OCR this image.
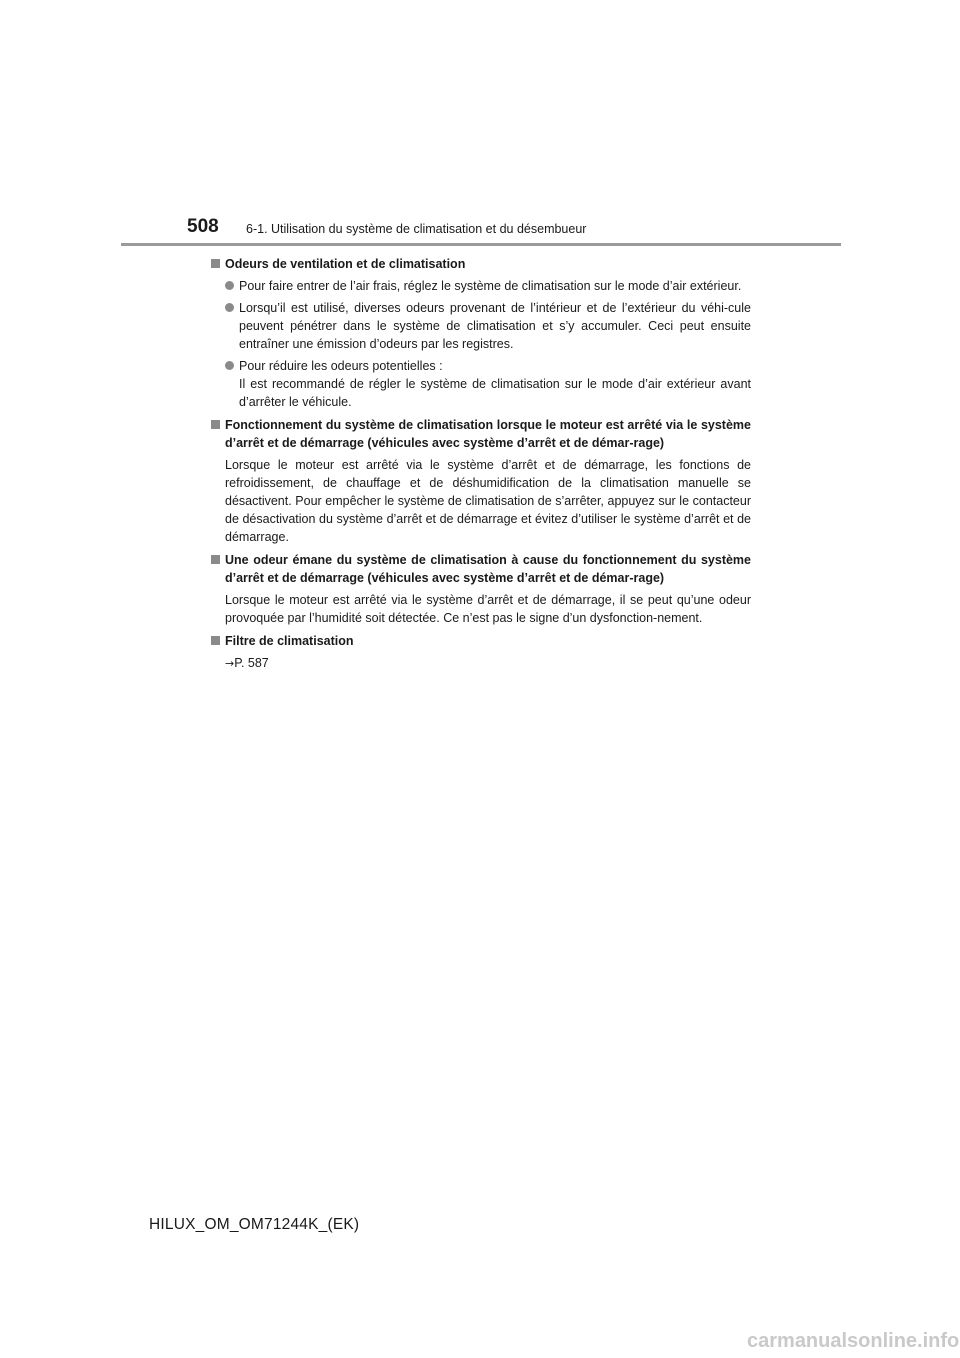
508 6-1. Utilisation du système de climatisation et du désembueur
Odeurs de ventilation et de climatisation
Pour faire entrer de l’air frais, réglez le système de climatisation sur le mode d’air extérieur.
Lorsqu’il est utilisé, diverses odeurs provenant de l’intérieur et de l’extérieur du véhi-cule peuvent pénétrer dans le système de climatisation et s’y accumuler. Ceci peut ensuite entraîner une émission d’odeurs par les registres.
Pour réduire les odeurs potentielles :
Il est recommandé de régler le système de climatisation sur le mode d’air extérieur avant d’arrêter le véhicule.
Fonctionnement du système de climatisation lorsque le moteur est arrêté via le système d’arrêt et de démarrage (véhicules avec système d’arrêt et de démar-rage)
Lorsque le moteur est arrêté via le système d’arrêt et de démarrage, les fonctions de refroidissement, de chauffage et de déshumidification de la climatisation manuelle se désactivent. Pour empêcher le système de climatisation de s’arrêter, appuyez sur le contacteur de désactivation du système d’arrêt et de démarrage et évitez d’utiliser le système d’arrêt et de démarrage.
Une odeur émane du système de climatisation à cause du fonctionnement du système d’arrêt et de démarrage (véhicules avec système d’arrêt et de démar-rage)
Lorsque le moteur est arrêté via le système d’arrêt et de démarrage, il se peut qu’une odeur provoquée par l’humidité soit détectée. Ce n’est pas le signe d’un dysfonction-nement.
Filtre de climatisation
→P. 587
HILUX_OM_OM71244K_(EK)
carmanualsonline.info
